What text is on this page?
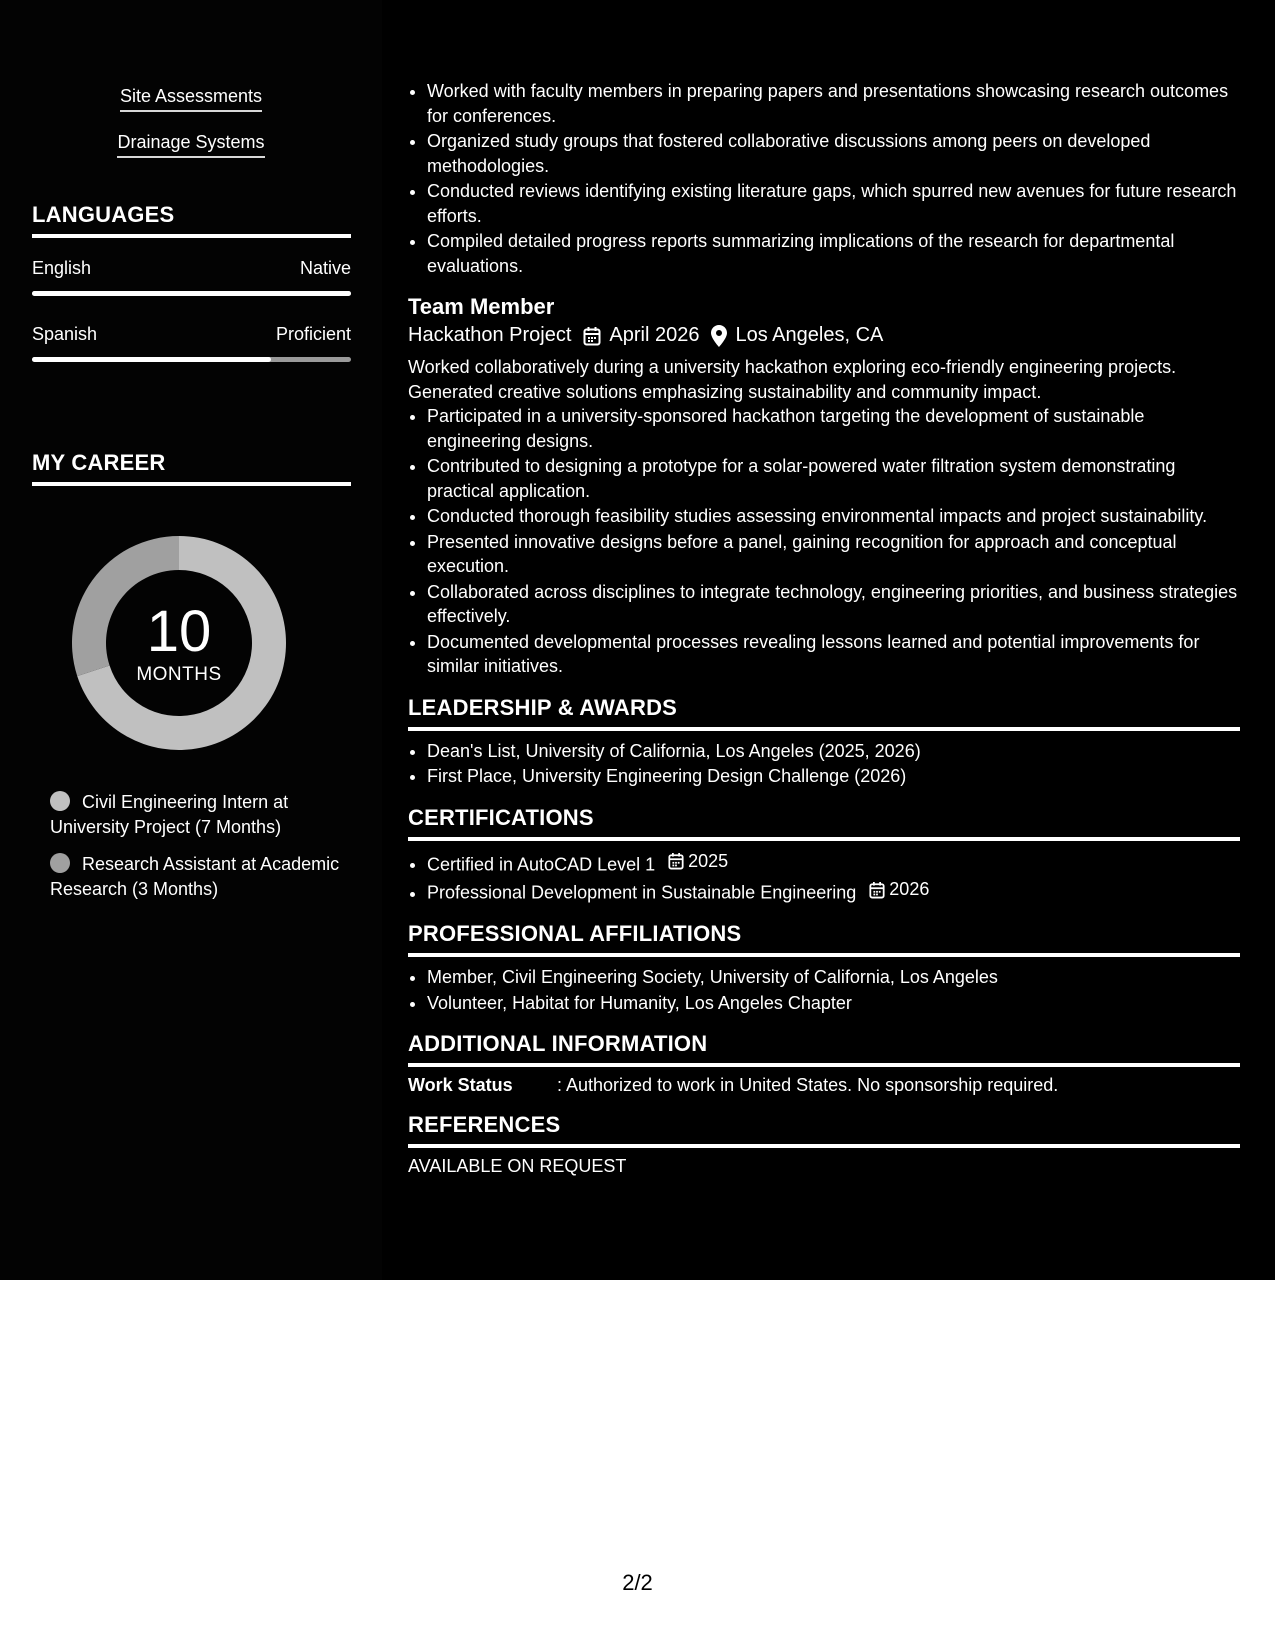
Site Assessments
Drainage Systems
LANGUAGES
English	Native
Spanish	Proficient
MY CAREER
10
MONTHS
Civil Engineering Intern at University Project (7 Months)
Research Assistant at Academic Research (3 Months)
• Worked with faculty members in preparing papers and presentations showcasing research outcomes for conferences.
• Organized study groups that fostered collaborative discussions among peers on developed methodologies.
• Conducted reviews identifying existing literature gaps, which spurred new avenues for future research efforts.
• Compiled detailed progress reports summarizing implications of the research for departmental evaluations.
Team Member
Hackathon Project April 2026 Los Angeles, CA
Worked collaboratively during a university hackathon exploring eco-friendly engineering projects. Generated creative solutions emphasizing sustainability and community impact.
• Participated in a university-sponsored hackathon targeting the development of sustainable engineering designs.
• Contributed to designing a prototype for a solar-powered water filtration system demonstrating practical application.
• Conducted thorough feasibility studies assessing environmental impacts and project sustainability.
• Presented innovative designs before a panel, gaining recognition for approach and conceptual execution.
• Collaborated across disciplines to integrate technology, engineering priorities, and business strategies effectively.
• Documented developmental processes revealing lessons learned and potential improvements for similar initiatives.
LEADERSHIP & AWARDS
• Dean's List, University of California, Los Angeles (2025, 2026)
• First Place, University Engineering Design Challenge (2026)
CERTIFICATIONS
• Certified in AutoCAD Level 1 2025
• Professional Development in Sustainable Engineering 2026
PROFESSIONAL AFFILIATIONS
• Member, Civil Engineering Society, University of California, Los Angeles
• Volunteer, Habitat for Humanity, Los Angeles Chapter
ADDITIONAL INFORMATION
Work Status	: Authorized to work in United States. No sponsorship required.
REFERENCES
AVAILABLE ON REQUEST
2/2
